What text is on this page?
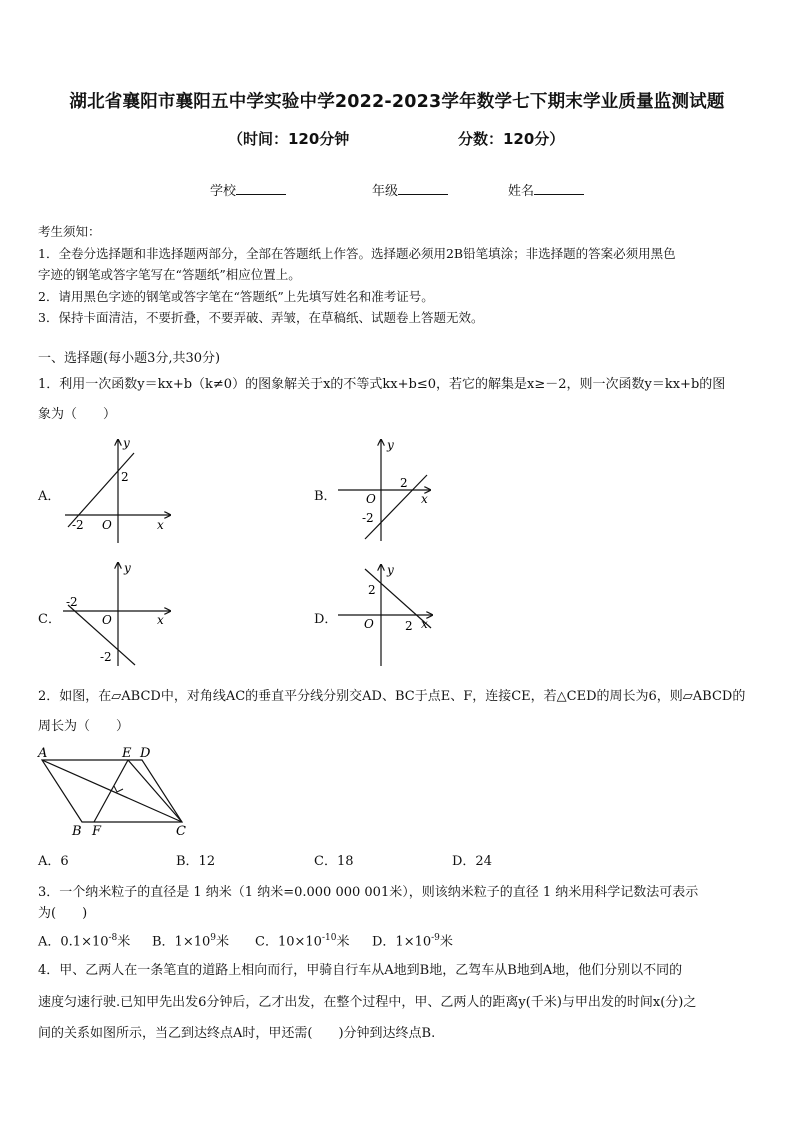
湖北省襄阳市襄阳五中学实验中学2022-2023学年数学七下期末学业质量监测试题
（时间：120分钟	分数：120分）
学校	年级	姓名
考生须知：
1．全卷分选择题和非选择题两部分，全部在答题纸上作答。选择题必须用2B铅笔填涂；非选择题的答案必须用黑色
字迹的钢笔或答字笔写在“答题纸”相应位置上。
2．请用黑色字迹的钢笔或答字笔在“答题纸”上先填写姓名和准考证号。
3．保持卡面清洁，不要折叠，不要弄破、弄皱，在草稿纸、试题卷上答题无效。
一、选择题(每小题3分,共30分)
1．利用一次函数y＝kx+b（k≠0）的图象解关于x的不等式kx+b≤0，若它的解集是x≥－2，则一次函数y＝kx+b的图
象为（　　）
A．
y
x
O
2
-2
B．
y
x
O
2
-2
C．
y
x
O
-2
-2
D．
y
x
O
2
2
2．如图，在▱ABCD中，对角线AC的垂直平分线分别交AD、BC于点E、F，连接CE，若△CED的周长为6，则▱ABCD的
周长为（　　）
A	E D
B F	C
A．6	B．12	C．18	D．24
3．一个纳米粒子的直径是 1 纳米（1 纳米=0.000 000 001米），则该纳米粒子的直径 1 纳米用科学记数法可表示
为(　　)
A．$0.1\times 10^{-8}$米 B．$1\times 10^9$米 C．$10\times 10^{-10}$米 D．$1\times 10^{-9}$米
4．甲、乙两人在一条笔直的道路上相向而行，甲骑自行车从A地到B地，乙驾车从B地到A地，他们分别以不同的
速度匀速行驶.已知甲先出发6分钟后，乙才出发，在整个过程中，甲、乙两人的距离y(千米)与甲出发的时间x(分)之
间的关系如图所示，当乙到达终点A时，甲还需(　　)分钟到达终点B.
